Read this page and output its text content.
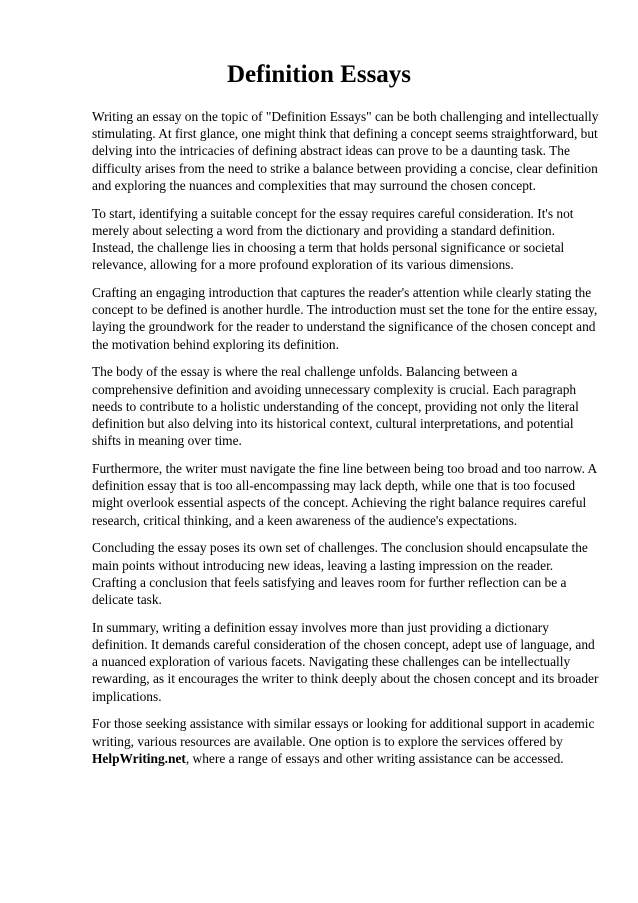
Definition Essays

Writing an essay on the topic of "Definition Essays" can be both challenging and intellectually stimulating. At first glance, one might think that defining a concept seems straightforward, but delving into the intricacies of defining abstract ideas can prove to be a daunting task. The difficulty arises from the need to strike a balance between providing a concise, clear definition and exploring the nuances and complexities that may surround the chosen concept.

To start, identifying a suitable concept for the essay requires careful consideration. It's not merely about selecting a word from the dictionary and providing a standard definition. Instead, the challenge lies in choosing a term that holds personal significance or societal relevance, allowing for a more profound exploration of its various dimensions.

Crafting an engaging introduction that captures the reader's attention while clearly stating the concept to be defined is another hurdle. The introduction must set the tone for the entire essay, laying the groundwork for the reader to understand the significance of the chosen concept and the motivation behind exploring its definition.

The body of the essay is where the real challenge unfolds. Balancing between a comprehensive definition and avoiding unnecessary complexity is crucial. Each paragraph needs to contribute to a holistic understanding of the concept, providing not only the literal definition but also delving into its historical context, cultural interpretations, and potential shifts in meaning over time.

Furthermore, the writer must navigate the fine line between being too broad and too narrow. A definition essay that is too all-encompassing may lack depth, while one that is too focused might overlook essential aspects of the concept. Achieving the right balance requires careful research, critical thinking, and a keen awareness of the audience's expectations.

Concluding the essay poses its own set of challenges. The conclusion should encapsulate the main points without introducing new ideas, leaving a lasting impression on the reader. Crafting a conclusion that feels satisfying and leaves room for further reflection can be a delicate task.

In summary, writing a definition essay involves more than just providing a dictionary definition. It demands careful consideration of the chosen concept, adept use of language, and a nuanced exploration of various facets. Navigating these challenges can be intellectually rewarding, as it encourages the writer to think deeply about the chosen concept and its broader implications.

For those seeking assistance with similar essays or looking for additional support in academic writing, various resources are available. One option is to explore the services offered by HelpWriting.net, where a range of essays and other writing assistance can be accessed.
